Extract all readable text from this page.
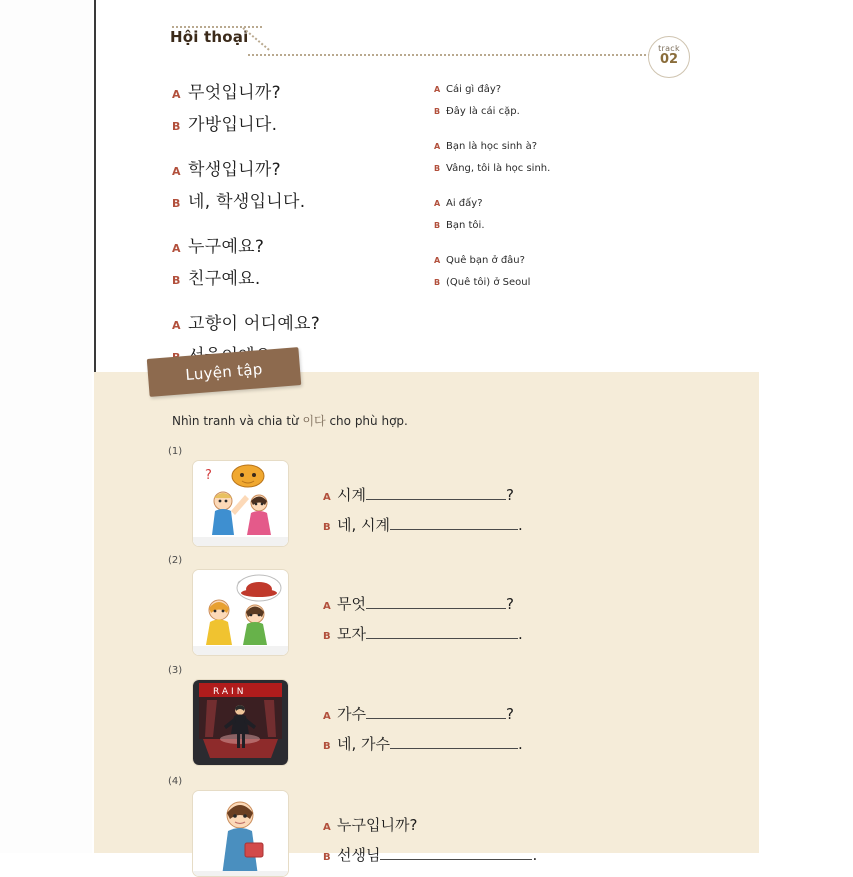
Hội thoại
track
02
A 무엇입니까?
B 가방입니다.
A 학생입니까?
B 네, 학생입니다.
A 누구예요?
B 친구예요.
A 고향이 어디예요?
A Cái gì đây?
B Đây là cái cặp.
A Bạn là học sinh à?
B Vâng, tôi là học sinh.
A Ai đấy?
B Bạn tôi.
A Quê bạn ở đâu?
B (Quê tôi) ở Seoul
Luyện tập
Nhìn tranh và chia từ 이다 cho phù hợp.
(1)
?
A 시계	?
B 네, 시계	.
(2)
A 무엇	?
B 모자	.
(3)
RAIN
A 가수	?
B 네, 가수	.
(4)
A 누구입니까?
B 선생님	.
